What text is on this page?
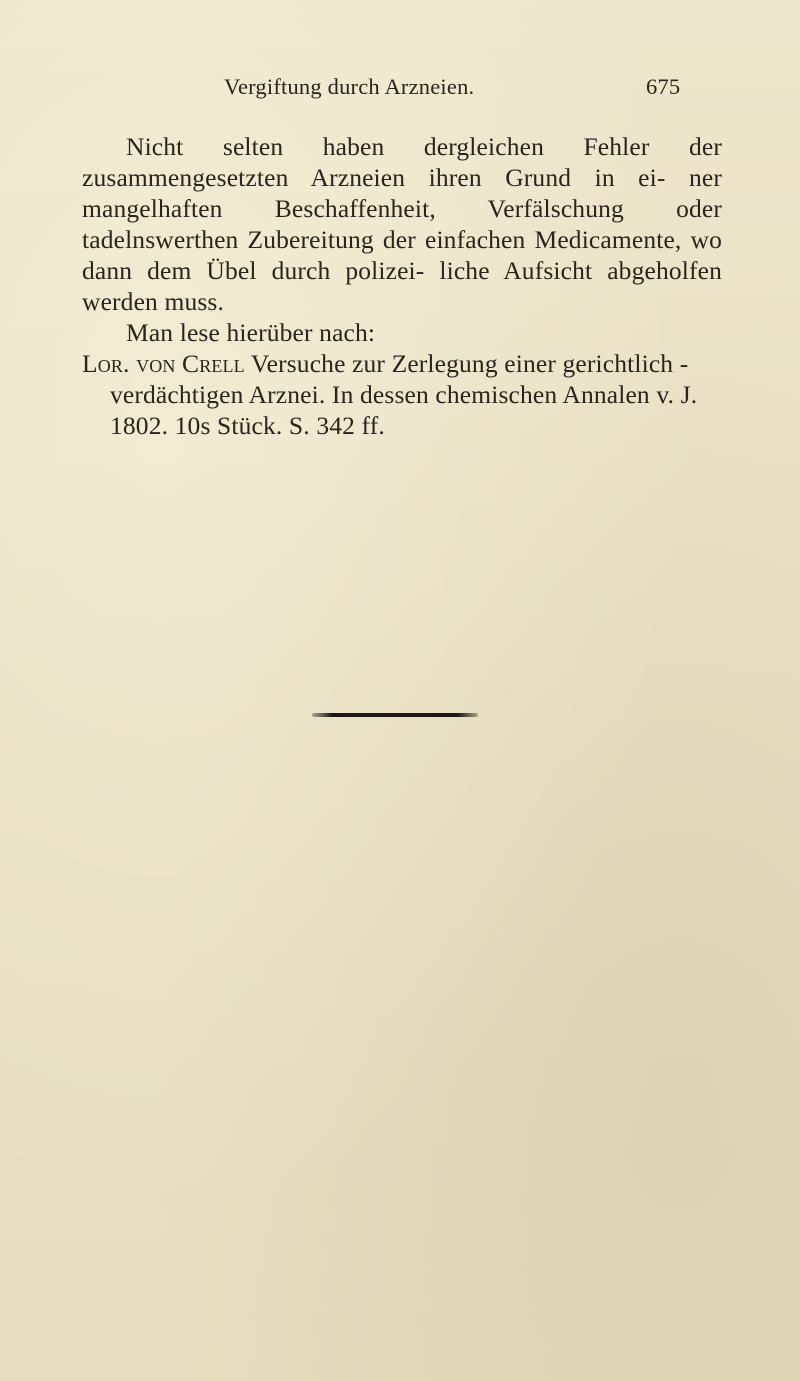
Vergiftung durch Arzneien.	675

Nicht selten haben dergleichen Fehler der zusammengesetzten Arzneien ihren Grund in ei- ner mangelhaften Beschaffenheit, Verfälschung oder tadelnswerthen Zubereitung der einfachen Medicamente, wo dann dem Übel durch polizei- liche Aufsicht abgeholfen werden muss.

Man lese hierüber nach:

Lor. von Crell Versuche zur Zerlegung einer gerichtlich - verdächtigen Arznei. In dessen chemischen Annalen v. J. 1802. 10s Stück. S. 342 ff.
